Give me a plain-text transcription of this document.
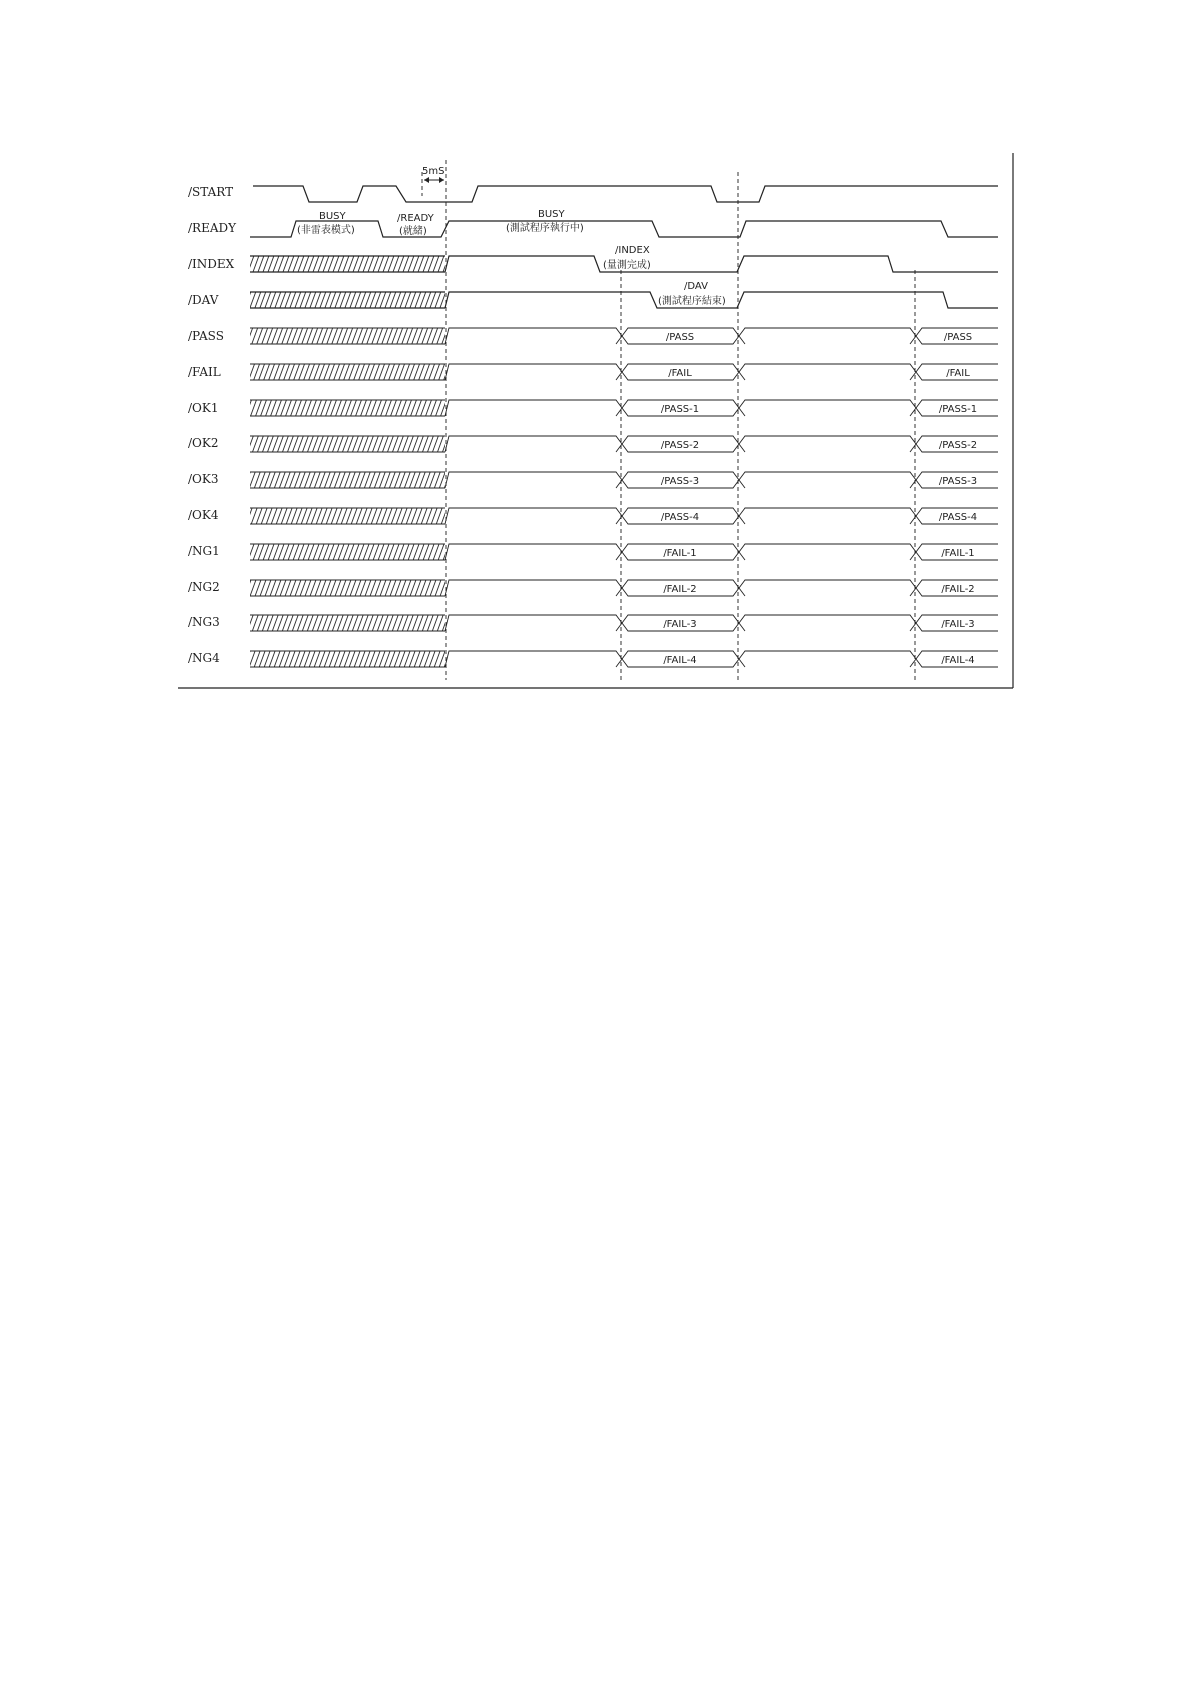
5mS
/START
/READY
/INDEX
/DAV
/PASS
/FAIL
/OK1
/OK2
/OK3
/OK4
/NG1
/NG2
/NG3
/NG4
BUSY
(非雷表模式)
/READY
(就緒)
BUSY
(測試程序執行中)
/INDEX
(量測完成)
/DAV
(測試程序結束)
/PASS	/PASS
/FAIL	/FAIL
/PASS-1	/PASS-1
/PASS-2	/PASS-2
/PASS-3	/PASS-3
/PASS-4	/PASS-4
/FAIL-1	/FAIL-1
/FAIL-2	/FAIL-2
/FAIL-3	/FAIL-3
/FAIL-4	/FAIL-4
